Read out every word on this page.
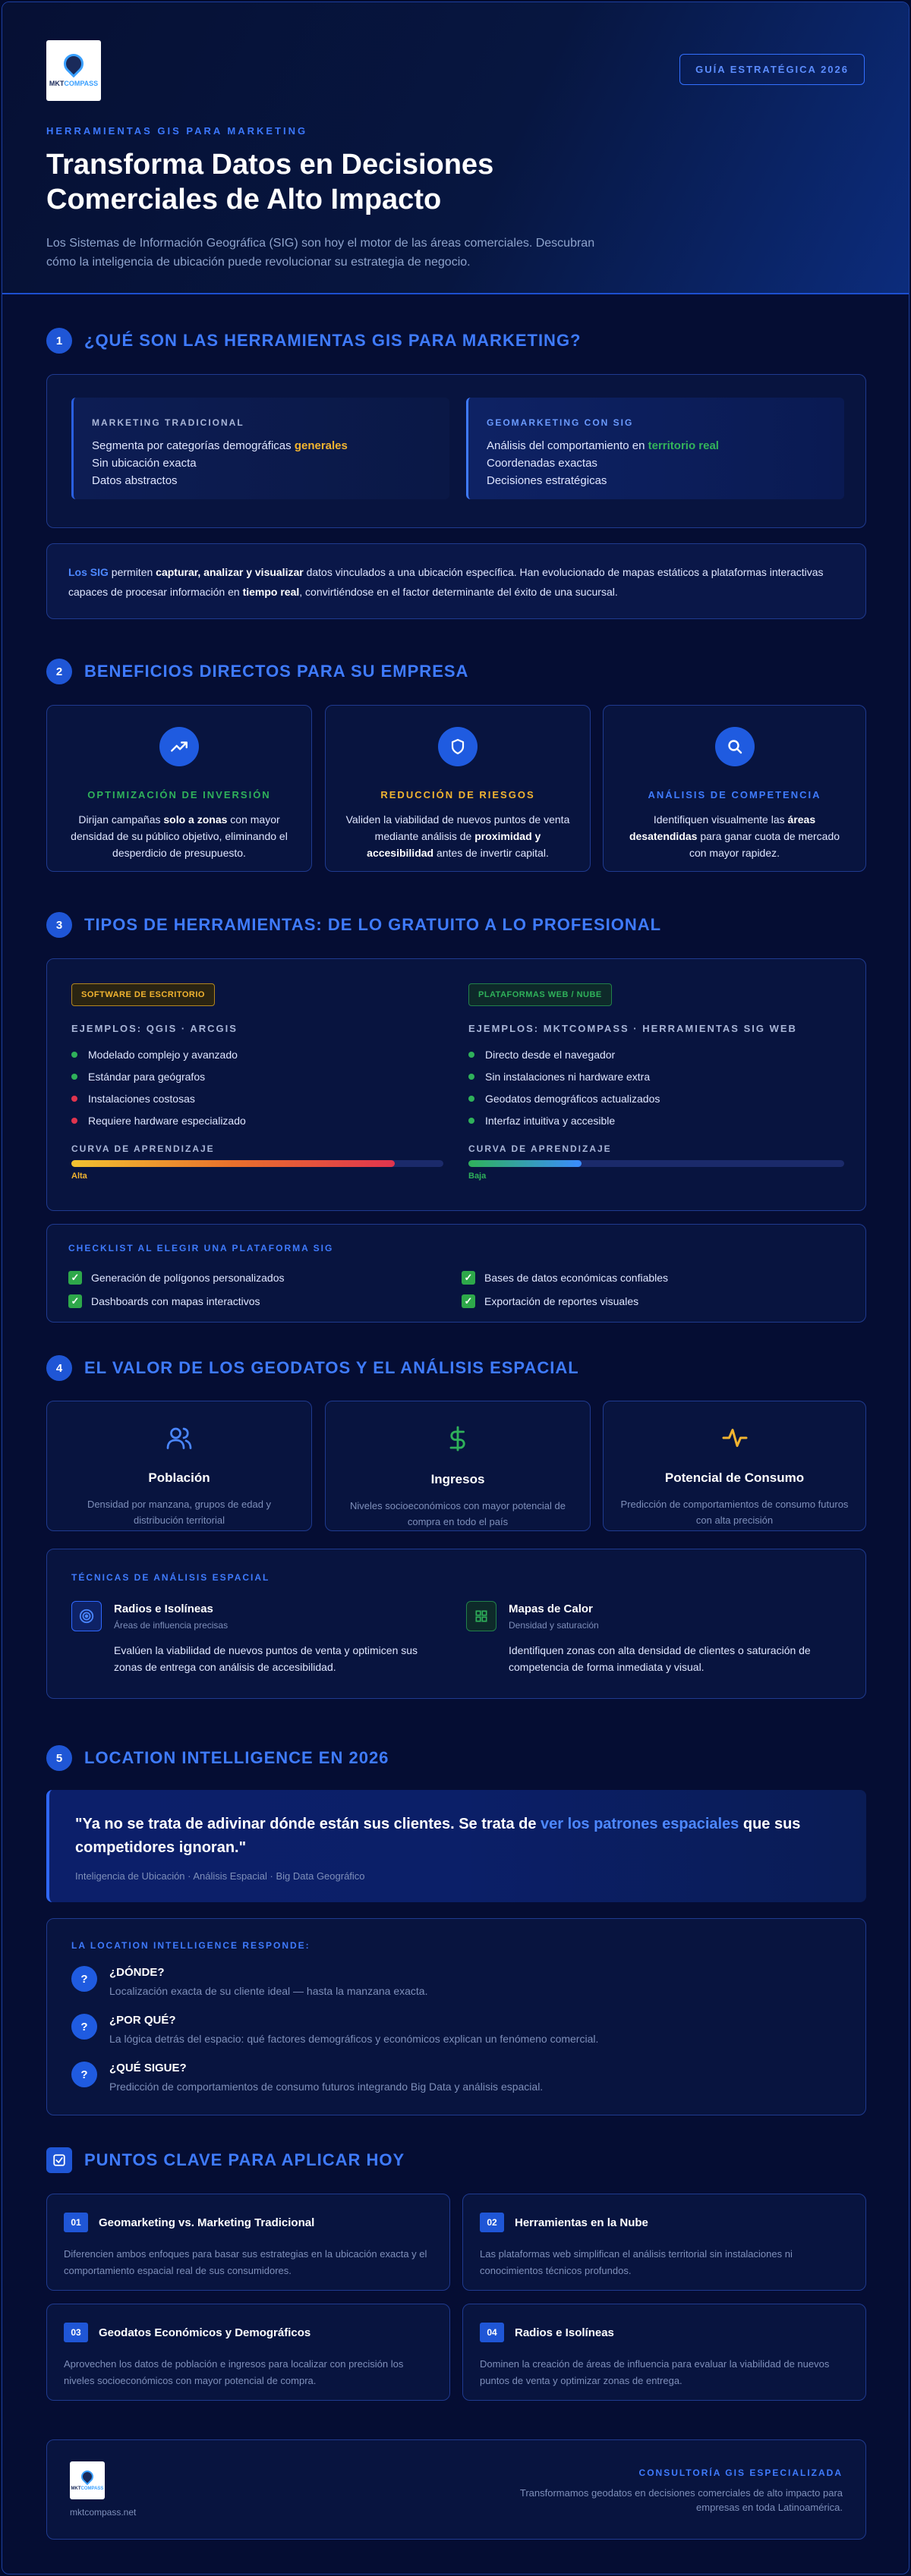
MKTCOMPASS
GUÍA ESTRATÉGICA 2026
HERRAMIENTAS GIS PARA MARKETING
Transforma Datos en Decisiones Comerciales de Alto Impacto

Los Sistemas de Información Geográfica (SIG) son hoy el motor de las áreas comerciales. Descubran cómo la inteligencia de ubicación puede revolucionar su estrategia de negocio.

1	¿QUÉ SON LAS HERRAMIENTAS GIS PARA MARKETING?
MARKETING TRADICIONAL
Segmenta por categorías demográficas generales
Sin ubicación exacta
Datos abstractos
GEOMARKETING CON SIG
Análisis del comportamiento en territorio real
Coordenadas exactas
Decisiones estratégicas
Los SIG permiten capturar, analizar y visualizar datos vinculados a una ubicación específica. Han evolucionado de mapas estáticos a plataformas interactivas capaces de procesar información en tiempo real, convirtiéndose en el factor determinante del éxito de una sucursal.
2	BENEFICIOS DIRECTOS PARA SU EMPRESA
OPTIMIZACIÓN DE INVERSIÓN

Dirijan campañas solo a zonas con mayor densidad de su público objetivo, eliminando el desperdicio de presupuesto.

REDUCCIÓN DE RIESGOS

Validen la viabilidad de nuevos puntos de venta mediante análisis de proximidad y accesibilidad antes de invertir capital.

ANÁLISIS DE COMPETENCIA

Identifiquen visualmente las áreas desatendidas para ganar cuota de mercado con mayor rapidez.

3	TIPOS DE HERRAMIENTAS: DE LO GRATUITO A LO PROFESIONAL
SOFTWARE DE ESCRITORIO
EJEMPLOS: QGIS · ARCGIS
Modelado complejo y avanzado
Estándar para geógrafos
Instalaciones costosas
Requiere hardware especializado
CURVA DE APRENDIZAJE
Alta
PLATAFORMAS WEB / NUBE
EJEMPLOS: MKTCOMPASS · HERRAMIENTAS SIG WEB
Directo desde el navegador
Sin instalaciones ni hardware extra
Geodatos demográficos actualizados
Interfaz intuitiva y accesible
CURVA DE APRENDIZAJE
Baja
CHECKLIST AL ELEGIR UNA PLATAFORMA SIG
✓ Generación de polígonos personalizados
✓ Dashboards con mapas interactivos
✓ Bases de datos económicas confiables
✓ Exportación de reportes visuales
4	EL VALOR DE LOS GEODATOS Y EL ANÁLISIS ESPACIAL
Población

Densidad por manzana, grupos de edad y distribución territorial

Ingresos

Niveles socioeconómicos con mayor potencial de compra en todo el país

Potencial de Consumo

Predicción de comportamientos de consumo futuros con alta precisión

TÉCNICAS DE ANÁLISIS ESPACIAL
Radios e Isolíneas
Áreas de influencia precisas
Evalúen la viabilidad de nuevos puntos de venta y optimicen sus zonas de entrega con análisis de accesibilidad.
Mapas de Calor
Densidad y saturación
Identifiquen zonas con alta densidad de clientes o saturación de competencia de forma inmediata y visual.
5	LOCATION INTELLIGENCE EN 2026
"Ya no se trata de adivinar dónde están sus clientes. Se trata de ver los patrones espaciales que sus competidores ignoran."
Inteligencia de Ubicación · Análisis Espacial · Big Data Geográfico
LA LOCATION INTELLIGENCE RESPONDE:
?	¿DÓNDE?
Localización exacta de su cliente ideal — hasta la manzana exacta.
?	¿POR QUÉ?
La lógica detrás del espacio: qué factores demográficos y económicos explican un fenómeno comercial.
?	¿QUÉ SIGUE?
Predicción de comportamientos de consumo futuros integrando Big Data y análisis espacial.
PUNTOS CLAVE PARA APLICAR HOY
01	Geomarketing vs. Marketing Tradicional
Diferencien ambos enfoques para basar sus estrategias en la ubicación exacta y el comportamiento espacial real de sus consumidores.
02	Herramientas en la Nube
Las plataformas web simplifican el análisis territorial sin instalaciones ni conocimientos técnicos profundos.
03	Geodatos Económicos y Demográficos
Aprovechen los datos de población e ingresos para localizar con precisión los niveles socioeconómicos con mayor potencial de compra.
04	Radios e Isolíneas
Dominen la creación de áreas de influencia para evaluar la viabilidad de nuevos puntos de venta y optimizar zonas de entrega.
MKTCOMPASS
mktcompass.net
CONSULTORÍA GIS ESPECIALIZADA
Transformamos geodatos en decisiones comerciales de alto impacto para empresas en toda Latinoamérica.
